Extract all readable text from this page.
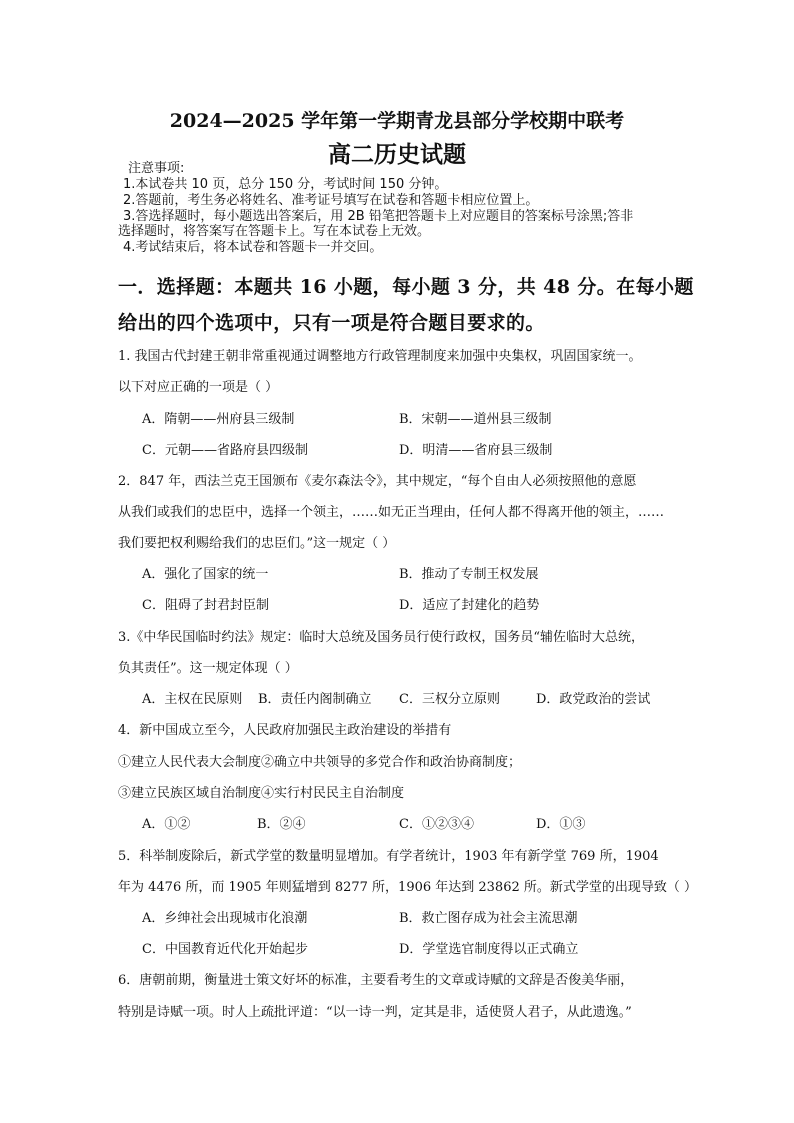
2024—2025 学年第一学期青龙县部分学校期中联考
高二历史试题
注意事项:
1.本试卷共 10 页，总分 150 分，考试时间 150 分钟。
2.答题前，考生务必将姓名、准考证号填写在试卷和答题卡相应位置上。
3.答选择题时，每小题选出答案后，用 2B 铅笔把答题卡上对应题目的答案标号涂黑;答非
选择题时，将答案写在答题卡上。写在本试卷上无效。
4.考试结束后，将本试卷和答题卡一并交回。
一．选择题：本题共 16 小题，每小题 3 分，共 48 分。在每小题
给出的四个选项中，只有一项是符合题目要求的。
1. 我国古代封建王朝非常重视通过调整地方行政管理制度来加强中央集权，巩固国家统一。
以下对应正确的一项是（ ）
A．隋朝——州府县三级制	B．宋朝——道州县三级制
C．元朝——省路府县四级制	D．明清——省府县三级制
2．847 年，西法兰克王国颁布《麦尔森法令》，其中规定，“每个自由人必须按照他的意愿
从我们或我们的忠臣中，选择一个领主，……如无正当理由，任何人都不得离开他的领主，……
我们要把权利赐给我们的忠臣们。”这一规定（ ）
A．强化了国家的统一	B．推动了专制王权发展
C．阻碍了封君封臣制	D．适应了封建化的趋势
3.《中华民国临时约法》规定：临时大总统及国务员行使行政权，国务员“辅佐临时大总统，
负其责任”。这一规定体现（ ）
A．主权在民原则 B．责任内阁制确立 C．三权分立原则	D．政党政治的尝试
4．新中国成立至今，人民政府加强民主政治建设的举措有
①建立人民代表大会制度②确立中共领导的多党合作和政治协商制度；
③建立民族区域自治制度④实行村民民主自治制度
A．①②	B．②④	C．①②③④	D．①③
5．科举制废除后，新式学堂的数量明显增加。有学者统计，1903 年有新学堂 769 所，1904
年为 4476 所，而 1905 年则猛增到 8277 所，1906 年达到 23862 所。新式学堂的出现导致（ ）
A．乡绅社会出现城市化浪潮	B．救亡图存成为社会主流思潮
C．中国教育近代化开始起步	D．学堂选官制度得以正式确立
6．唐朝前期，衡量进士策文好坏的标准，主要看考生的文章或诗赋的文辞是否俊美华丽，
特别是诗赋一项。时人上疏批评道：“以一诗一判，定其是非，适使贤人君子，从此遗逸。”
